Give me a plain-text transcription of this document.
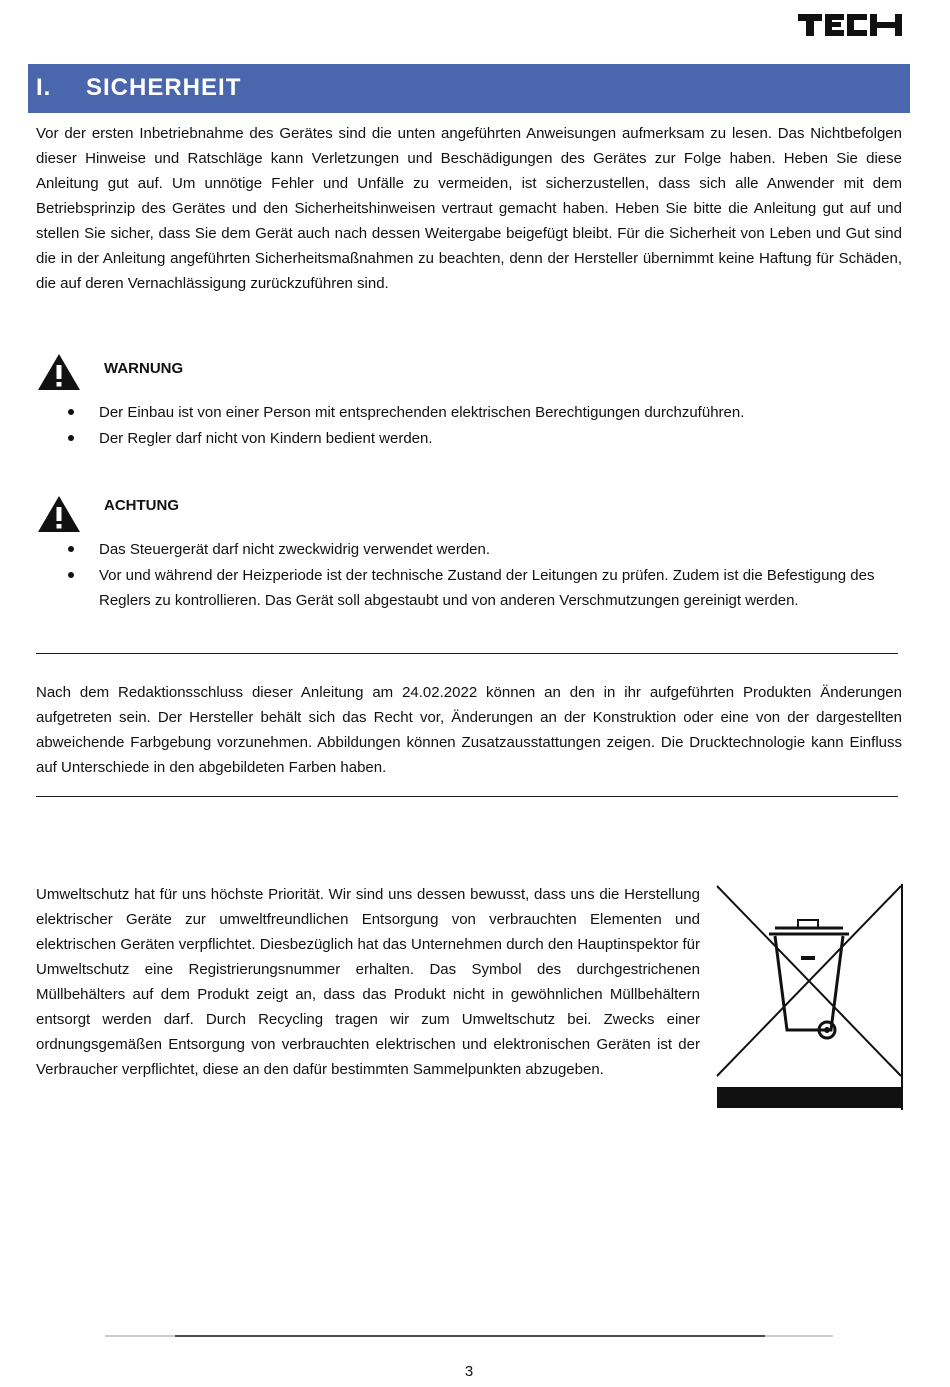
I. SICHERHEIT
Vor der ersten Inbetriebnahme des Gerätes sind die unten angeführten Anweisungen aufmerksam zu lesen. Das Nichtbefolgen dieser Hinweise und Ratschläge kann Verletzungen und Beschädigungen des Gerätes zur Folge haben. Heben Sie diese Anleitung gut auf. Um unnötige Fehler und Unfälle zu vermeiden, ist sicherzustellen, dass sich alle Anwender mit dem Betriebsprinzip des Gerätes und den Sicherheitshinweisen vertraut gemacht haben. Heben Sie bitte die Anleitung gut auf und stellen Sie sicher, dass Sie dem Gerät auch nach dessen Weitergabe beigefügt bleibt. Für die Sicherheit von Leben und Gut sind die in der Anleitung angeführten Sicherheitsmaßnahmen zu beachten, denn der Hersteller übernimmt keine Haftung für Schäden, die auf deren Vernachlässigung zurückzuführen sind.
WARNUNG
Der Einbau ist von einer Person mit entsprechenden elektrischen Berechtigungen durchzuführen.
Der Regler darf nicht von Kindern bedient werden.
ACHTUNG
Das Steuergerät darf nicht zweckwidrig verwendet werden.
Vor und während der Heizperiode ist der technische Zustand der Leitungen zu prüfen. Zudem ist die Befestigung des Reglers zu kontrollieren. Das Gerät soll abgestaubt und von anderen Verschmutzungen gereinigt werden.
Nach dem Redaktionsschluss dieser Anleitung am 24.02.2022 können an den in ihr aufgeführten Produkten Änderungen aufgetreten sein. Der Hersteller behält sich das Recht vor, Änderungen an der Konstruktion oder eine von der dargestellten abweichende Farbgebung vorzunehmen. Abbildungen können Zusatzausstattungen zeigen. Die Drucktechnologie kann Einfluss auf Unterschiede in den abgebildeten Farben haben.
Umweltschutz hat für uns höchste Priorität. Wir sind uns dessen bewusst, dass uns die Herstellung elektrischer Geräte zur umweltfreundlichen Entsorgung von verbrauchten Elementen und elektrischen Geräten verpflichtet. Diesbezüglich hat das Unternehmen durch den Hauptinspektor für Umweltschutz eine Registrierungsnummer erhalten. Das Symbol des durchgestrichenen Müllbehälters auf dem Produkt zeigt an, dass das Produkt nicht in gewöhnlichen Müllbehältern entsorgt werden darf. Durch Recycling tragen wir zum Umweltschutz bei. Zwecks einer ordnungsgemäßen Entsorgung von verbrauchten elektrischen und elektronischen Geräten ist der Verbraucher verpflichtet, diese an den dafür bestimmten Sammelpunkten abzugeben.
3
